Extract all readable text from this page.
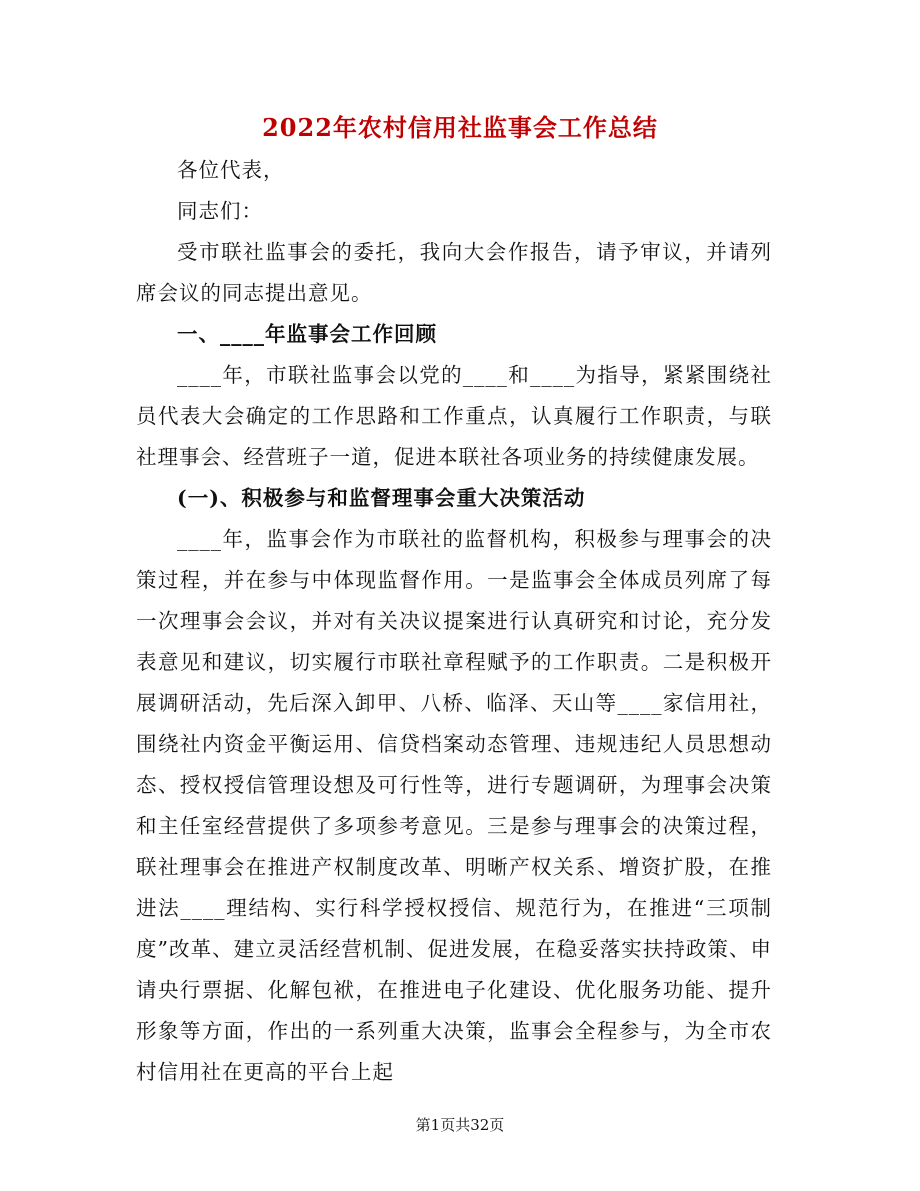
2022年农村信用社监事会工作总结

各位代表，

同志们：

受市联社监事会的委托，我向大会作报告，请予审议，并请列席会议的同志提出意见。

一、____年监事会工作回顾

____年，市联社监事会以党的____和____为指导，紧紧围绕社员代表大会确定的工作思路和工作重点，认真履行工作职责，与联社理事会、经营班子一道，促进本联社各项业务的持续健康发展。

(一)、积极参与和监督理事会重大决策活动

____年，监事会作为市联社的监督机构，积极参与理事会的决策过程，并在参与中体现监督作用。一是监事会全体成员列席了每一次理事会会议，并对有关决议提案进行认真研究和讨论，充分发表意见和建议，切实履行市联社章程赋予的工作职责。二是积极开展调研活动，先后深入卸甲、八桥、临泽、天山等____家信用社，围绕社内资金平衡运用、信贷档案动态管理、违规违纪人员思想动态、授权授信管理设想及可行性等，进行专题调研，为理事会决策和主任室经营提供了多项参考意见。三是参与理事会的决策过程，联社理事会在推进产权制度改革、明晰产权关系、增资扩股，在推进法____理结构、实行科学授权授信、规范行为，在推进“三项制度”改革、建立灵活经营机制、促进发展，在稳妥落实扶持政策、申请央行票据、化解包袱，在推进电子化建设、优化服务功能、提升形象等方面，作出的一系列重大决策，监事会全程参与，为全市农村信用社在更高的平台上起

第1页共32页
